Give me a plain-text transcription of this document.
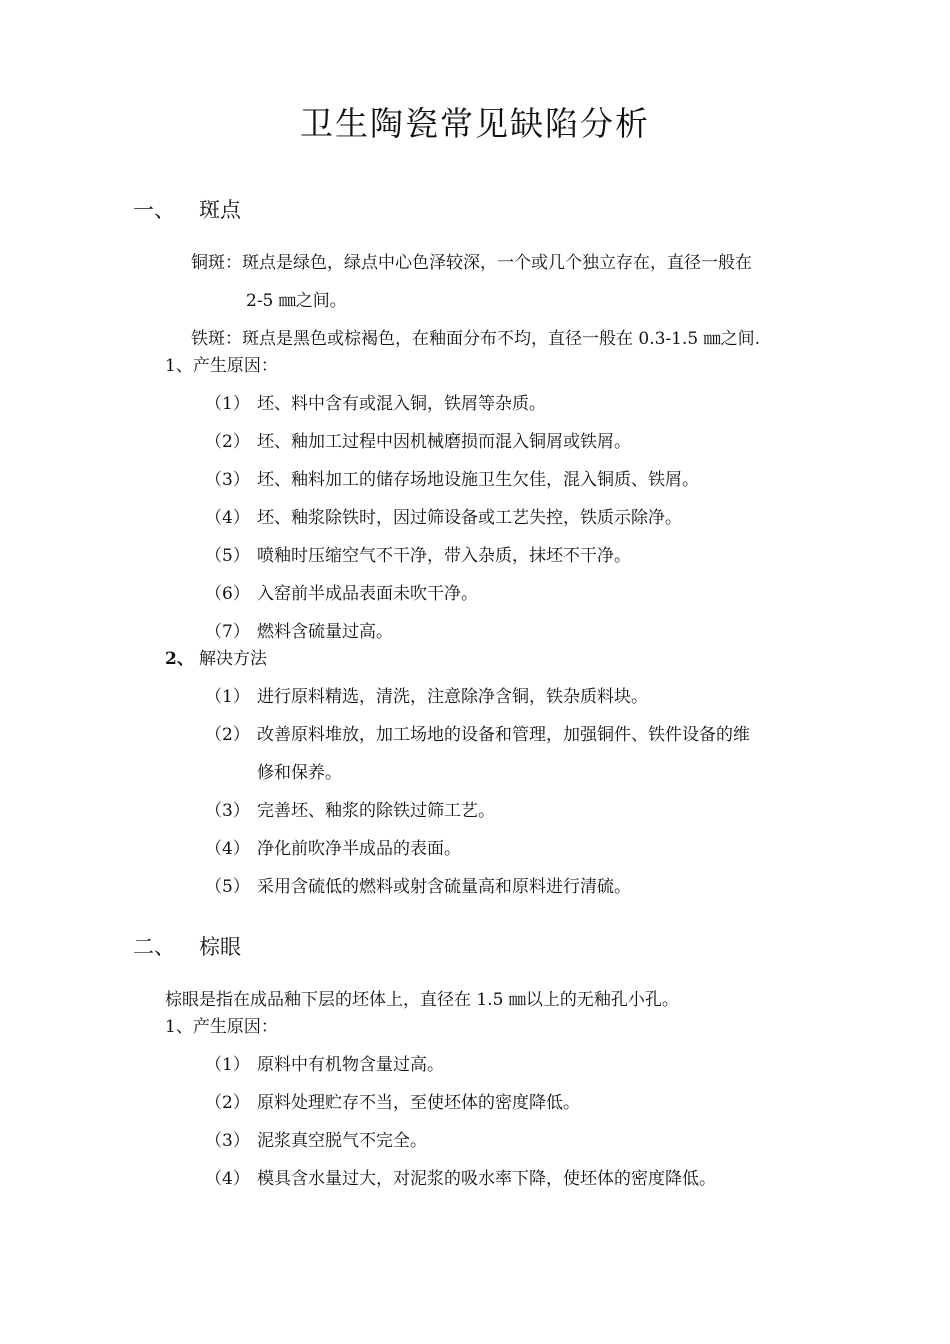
卫生陶瓷常见缺陷分析
一、 斑点
铜斑：斑点是绿色，绿点中心色泽较深，一个或几个独立存在，直径一般在
2-5 ㎜之间。
铁斑：斑点是黑色或棕褐色，在釉面分布不均，直径一般在 0.3-1.5 ㎜之间.
1、产生原因：
（1） 坯、料中含有或混入铜，铁屑等杂质。
（2） 坯、釉加工过程中因机械磨损而混入铜屑或铁屑。
（3） 坯、釉料加工的储存场地设施卫生欠佳，混入铜质、铁屑。
（4） 坯、釉浆除铁时，因过筛设备或工艺失控，铁质示除净。
（5） 喷釉时压缩空气不干净，带入杂质，抹坯不干净。
（6） 入窑前半成品表面未吹干净。
（7） 燃料含硫量过高。
2、 解决方法
（1） 进行原料精选，清洗，注意除净含铜，铁杂质料块。
（2） 改善原料堆放，加工场地的设备和管理，加强铜件、铁件设备的维
修和保养。
（3） 完善坯、釉浆的除铁过筛工艺。
（4） 净化前吹净半成品的表面。
（5） 采用含硫低的燃料或射含硫量高和原料进行清硫。
二、 棕眼
棕眼是指在成品釉下层的坯体上，直径在 1.5 ㎜以上的无釉孔小孔。
1、产生原因：
（1） 原料中有机物含量过高。
（2） 原料处理贮存不当，至使坯体的密度降低。
（3） 泥浆真空脱气不完全。
（4） 模具含水量过大，对泥浆的吸水率下降，使坯体的密度降低。
